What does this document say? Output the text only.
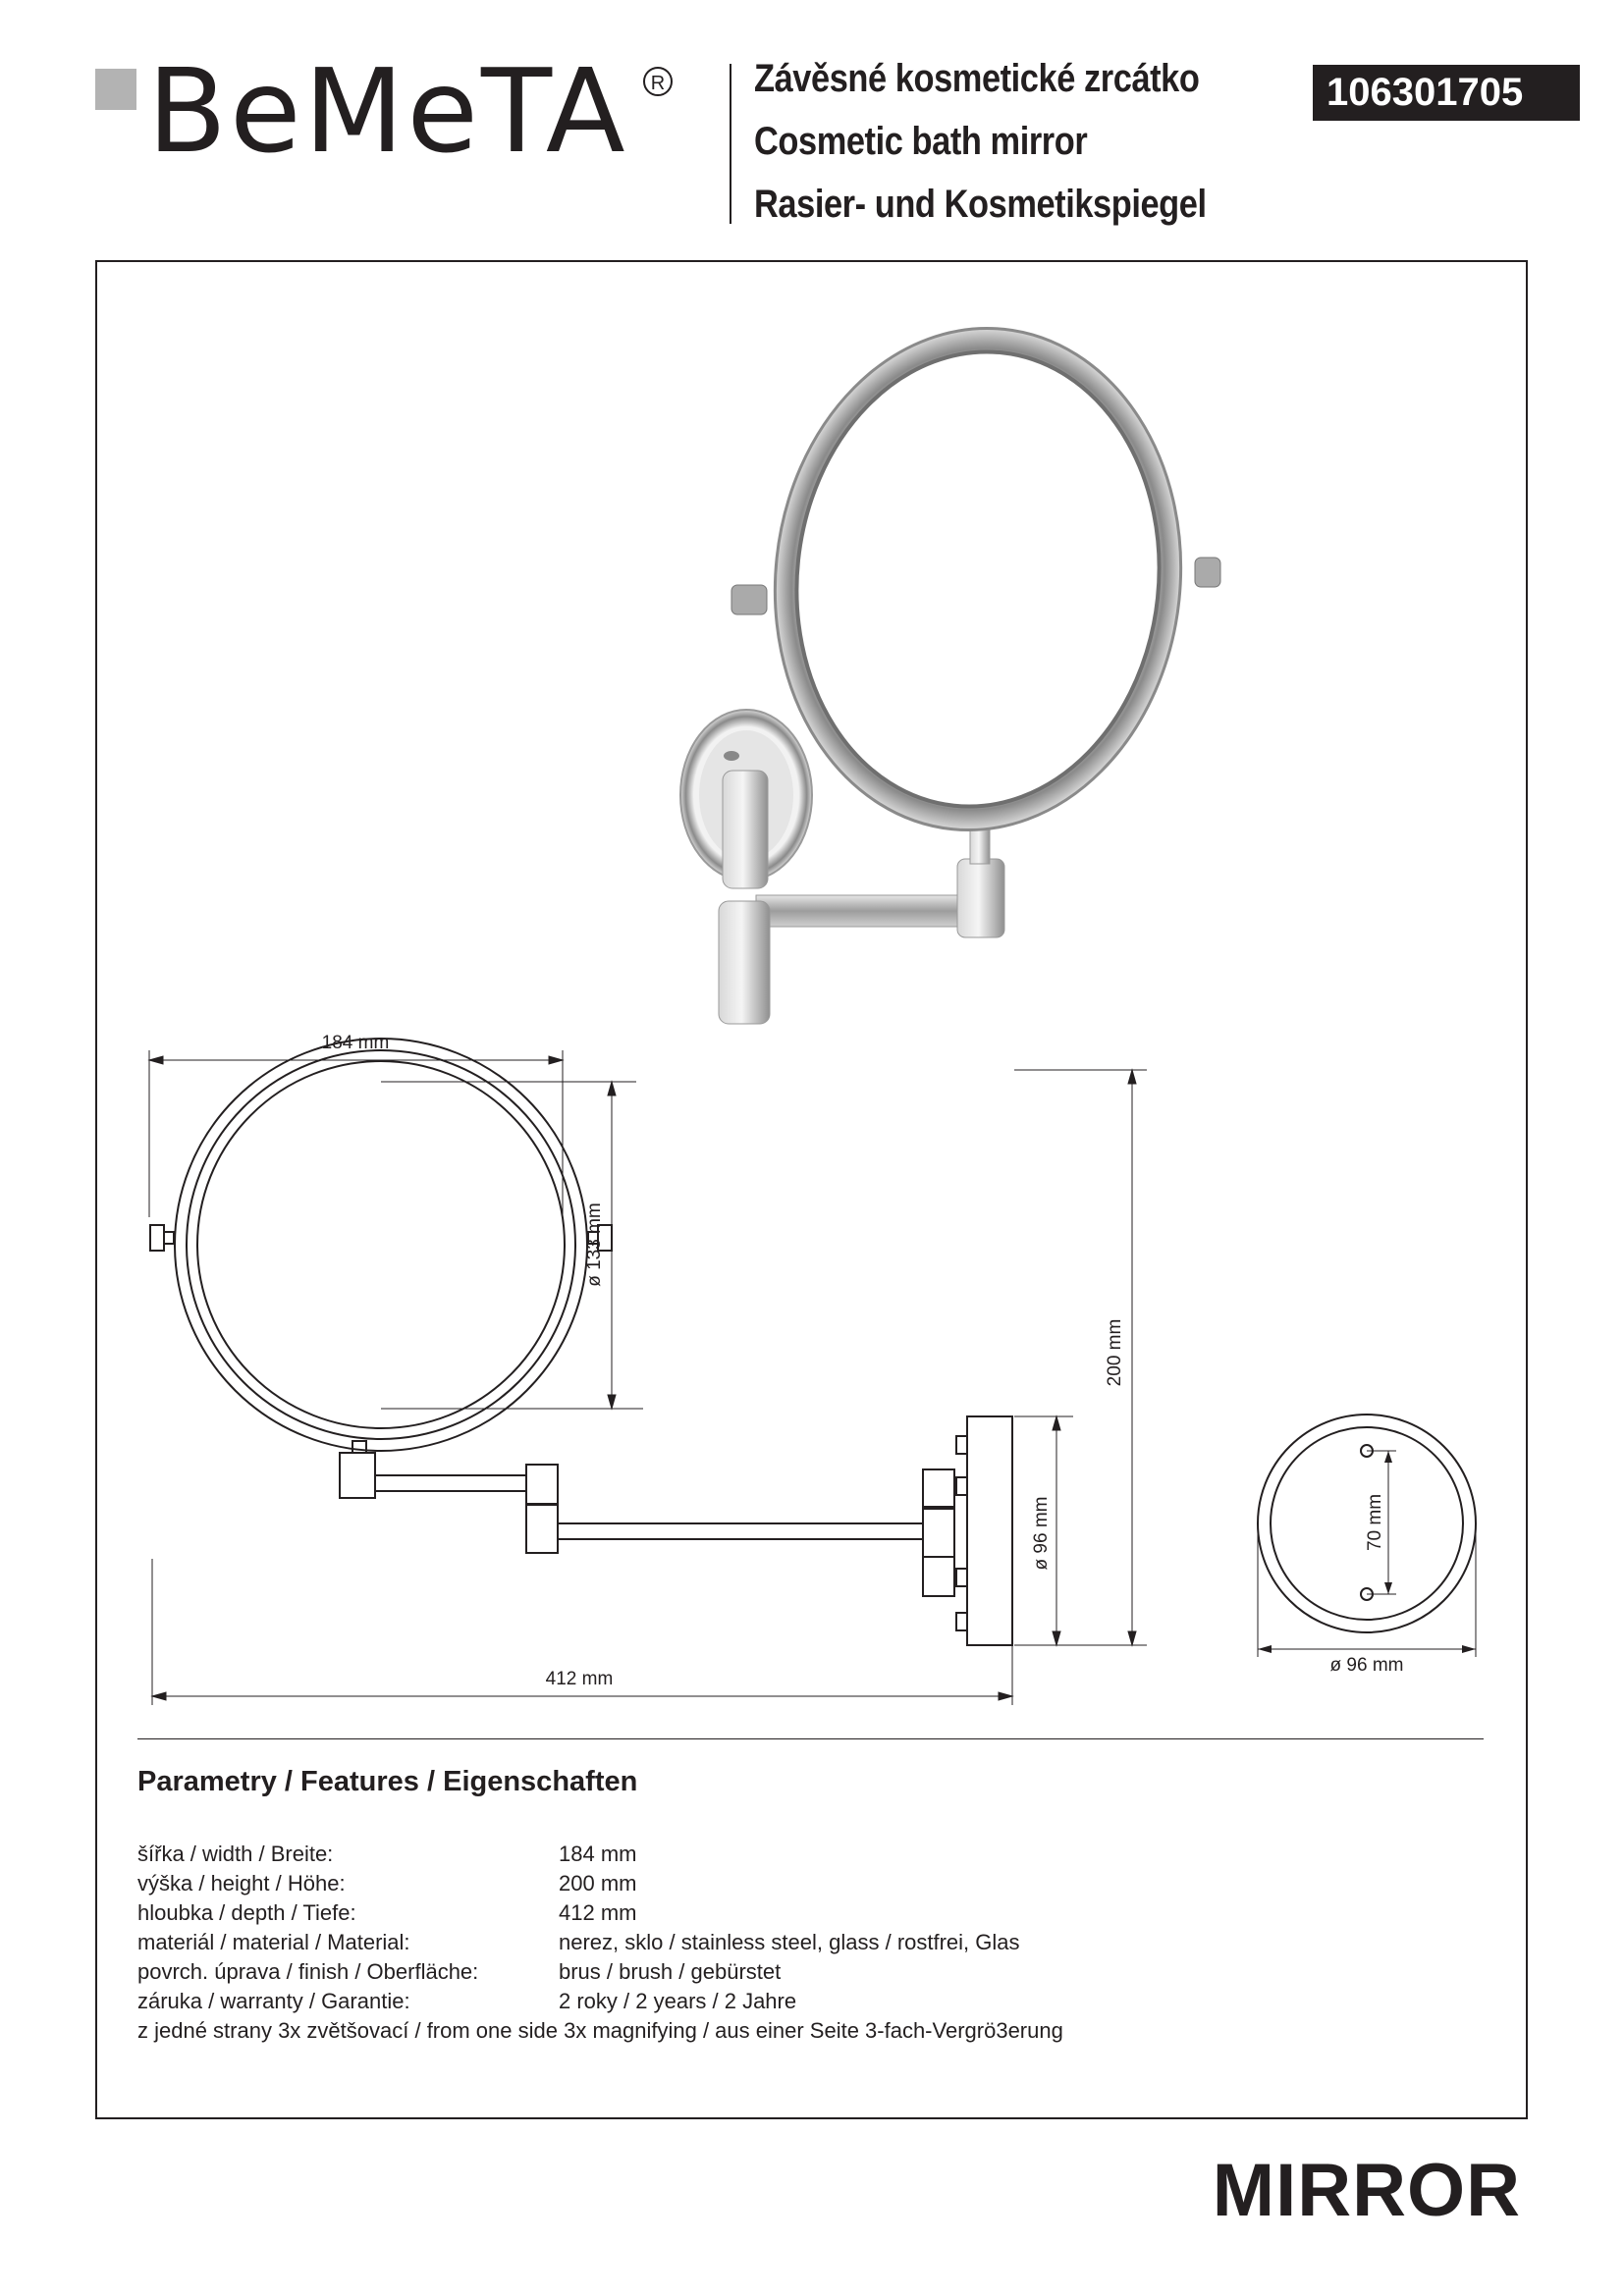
BeMeTA	R Závěsné kosmetické zrcátko
Cosmetic bath mirror
Rasier- und Kosmetikspiegel
106301705
184 mm
ø 133 mm
200 mm
ø 96 mm
412 mm
70 mm
ø 96 mm
Parametry / Features / Eigenschaften
šířka / width / Breite:	184 mm
výška / height / Höhe:	200 mm
hloubka / depth / Tiefe:	412 mm
materiál / material / Material:	nerez, sklo / stainless steel, glass / rostfrei, Glas
povrch. úprava / finish / Oberfläche:	brus / brush / gebürstet
záruka / warranty / Garantie:	2 roky / 2 years / 2 Jahre
z jedné strany 3x zvětšovací / from one side 3x magnifying / aus einer Seite 3-fach-Vergrö3erung
MIRROR
